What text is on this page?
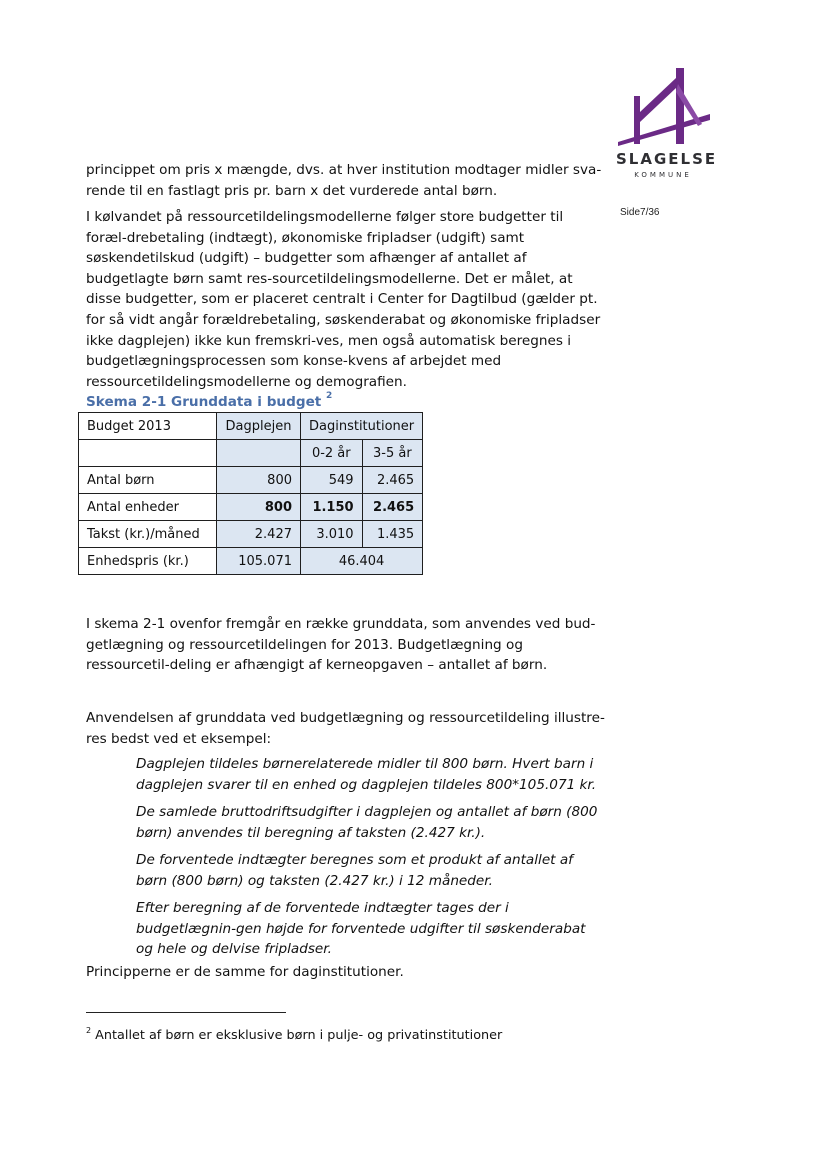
SLAGELSE
KOMMUNE
Side7/36

princippet om pris x mængde, dvs. at hver institution modtager midler sva-rende til en fastlagt pris pr. barn x det vurderede antal børn.

I kølvandet på ressourcetildelingsmodellerne følger store budgetter til foræl-drebetaling (indtægt), økonomiske fripladser (udgift) samt søskendetilskud (udgift) – budgetter som afhænger af antallet af budgetlagte børn samt res-sourcetildelingsmodellerne. Det er målet, at disse budgetter, som er placeret centralt i Center for Dagtilbud (gælder pt. for så vidt angår forældrebetaling, søskenderabat og økonomiske fripladser ikke dagplejen) ikke kun fremskri-ves, men også automatisk beregnes i budgetlægningsprocessen som konse-kvens af arbejdet med ressourcetildelingsmodellerne og demografien.

Skema 2-1 Grunddata i budget $^2$
Budget 2013	Dagplejen	Daginstitutioner	
		0-2 år	3-5 år
Antal børn	800	549	2.465
Antal enheder	800	1.150	2.465
Takst (kr.)/måned	2.427	3.010	1.435
Enhedspris (kr.)	105.071	46.404	

I skema 2-1 ovenfor fremgår en række grunddata, som anvendes ved bud-getlægning og ressourcetildelingen for 2013. Budgetlægning og ressourcetil-deling er afhængigt af kerneopgaven – antallet af børn.

Anvendelsen af grunddata ved budgetlægning og ressourcetildeling illustre-res bedst ved et eksempel:

Dagplejen tildeles børnerelaterede midler til 800 børn. Hvert barn i dagplejen svarer til en enhed og dagplejen tildeles 800*105.071 kr.

De samlede bruttodriftsudgifter i dagplejen og antallet af børn (800 børn) anvendes til beregning af taksten (2.427 kr.).

De forventede indtægter beregnes som et produkt af antallet af børn (800 børn) og taksten (2.427 kr.) i 12 måneder.

Efter beregning af de forventede indtægter tages der i budgetlægnin-gen højde for forventede udgifter til søskenderabat og hele og delvise fripladser.

Principperne er de samme for daginstitutioner.

$^2$ Antallet af børn er eksklusive børn i pulje- og privatinstitutioner
